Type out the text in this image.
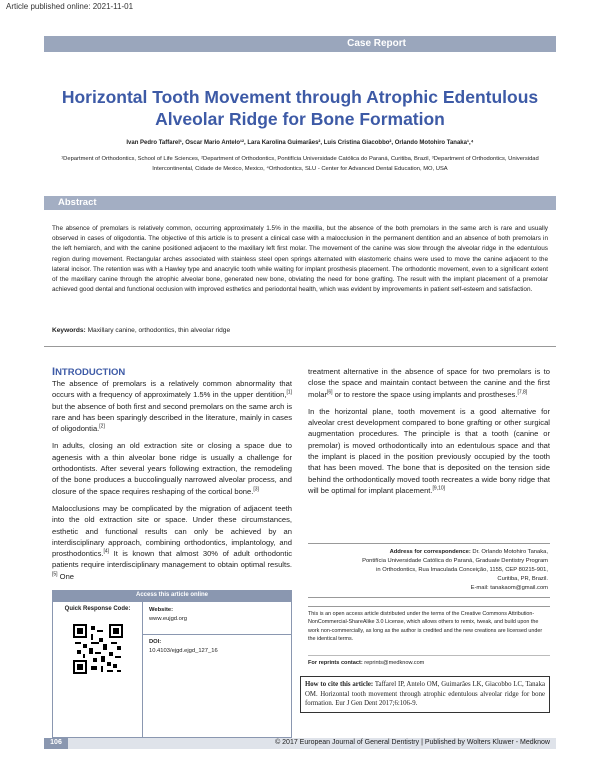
Article published online: 2021-11-01
Case Report
Horizontal Tooth Movement through Atrophic Edentulous
Alveolar Ridge for Bone Formation
Ivan Pedro Taffarel¹, Oscar Mario Antelo¹², Lara Karolina Guimarães², Luis Cristina Giacobbo², Orlando Motohiro Tanaka¹,⁴
¹Department of Orthodontics, School of Life Sciences, ²Department of Orthodontics, Pontifícia Universidade Católica do Paraná, Curitiba, Brazil, ³Department of Orthodontics, Universidad Intercontinental, Cidade de Mexico, Mexico, ⁴Orthodontics, SLU - Center for Advanced Dental Education, MO, USA
Abstract
The absence of premolars is relatively common, occurring approximately 1.5% in the maxilla, but the absence of the both premolars in the same arch is rare and usually observed in cases of oligodontia. The objective of this article is to present a clinical case with a malocclusion in the permanent dentition and an absence of both premolars in the left hemiarch, and with the canine positioned adjacent to the maxillary left first molar. The movement of the canine was slow through the alveolar ridge in the edentulous region during movement. Rectangular arches associated with stainless steel open springs alternated with elastomeric chains were used to move the canine adjacent to the lateral incisor. The retention was with a Hawley type and anacrylic tooth while waiting for implant prosthesis placement. The orthodontic movement, even to a significant extent of the maxillary canine through the atrophic alveolar bone, generated new bone, obviating the need for bone grafting. The result with the implant placement of a premolar achieved good dental and functional occlusion with improved esthetics and periodontal health, which was evident by improvements in patient self-esteem and satisfaction.
Keywords: Maxillary canine, orthodontics, thin alveolar ridge
INTRODUCTION

The absence of premolars is a relatively common abnormality that occurs with a frequency of approximately 1.5% in the upper dentition,[1] but the absence of both first and second premolars on the same arch is rare and has been sparingly described in the literature, mainly in cases of oligodontia.[2]

In adults, closing an old extraction site or closing a space due to agenesis with a thin alveolar bone ridge is usually a challenge for orthodontists. After several years following extraction, the remodeling of the bone produces a buccolingually narrowed alveolar process, and closure of the space requires reshaping of the cortical bone.[3]

Malocclusions may be complicated by the migration of adjacent teeth into the old extraction site or space. Under these circumstances, esthetic and functional results can only be achieved by an interdisciplinary approach, combining orthodontics, implantology, and prosthodontics.[4] It is known that almost 30% of adult orthodontic patients require interdisciplinary management to obtain optimal results.[5] One

treatment alternative in the absence of space for two premolars is to close the space and maintain contact between the canine and the first molar[6] or to restore the space using implants and prostheses.[7,8]

In the horizontal plane, tooth movement is a good alternative for alveolar crest development compared to bone grafting or other surgical augmentation procedures. The principle is that a tooth (canine or premolar) is moved orthodontically into an edentulous space and that the implant is placed in the position previously occupied by the tooth that has been moved. The bone that is deposited on the tension side behind the orthodontically moved tooth recreates a wide bony ridge that will be optimal for implant placement.[9,10]

Address for correspondence: Dr. Orlando Motohiro Tanaka,
Pontifícia Universidade Católica do Paraná, Graduate Dentistry Program
in Orthodontics, Rua Imaculada Conceição, 1155, CEP 80215-901,
Curitiba, PR, Brazil.
E-mail: tanakaom@gmail.com
Access this article online
Quick Response Code:	Website:
www.eujgd.org
DOI:
10.4103/ejgd.ejgd_127_16
This is an open access article distributed under the terms of the Creative Commons Attribution-NonCommercial-ShareAlike 3.0 License, which allows others to remix, tweak, and build upon the work non-commercially, as long as the author is credited and the new creations are licensed under the identical terms.
For reprints contact: reprints@medknow.com
How to cite this article: Taffarel IP, Antelo OM, Guimarães LK, Giacobbo LC, Tanaka OM. Horizontal tooth movement through atrophic edentulous alveolar ridge for bone formation. Eur J Gen Dent 2017;6:106-9.
106	© 2017 European Journal of General Dentistry | Published by Wolters Kluwer - Medknow
